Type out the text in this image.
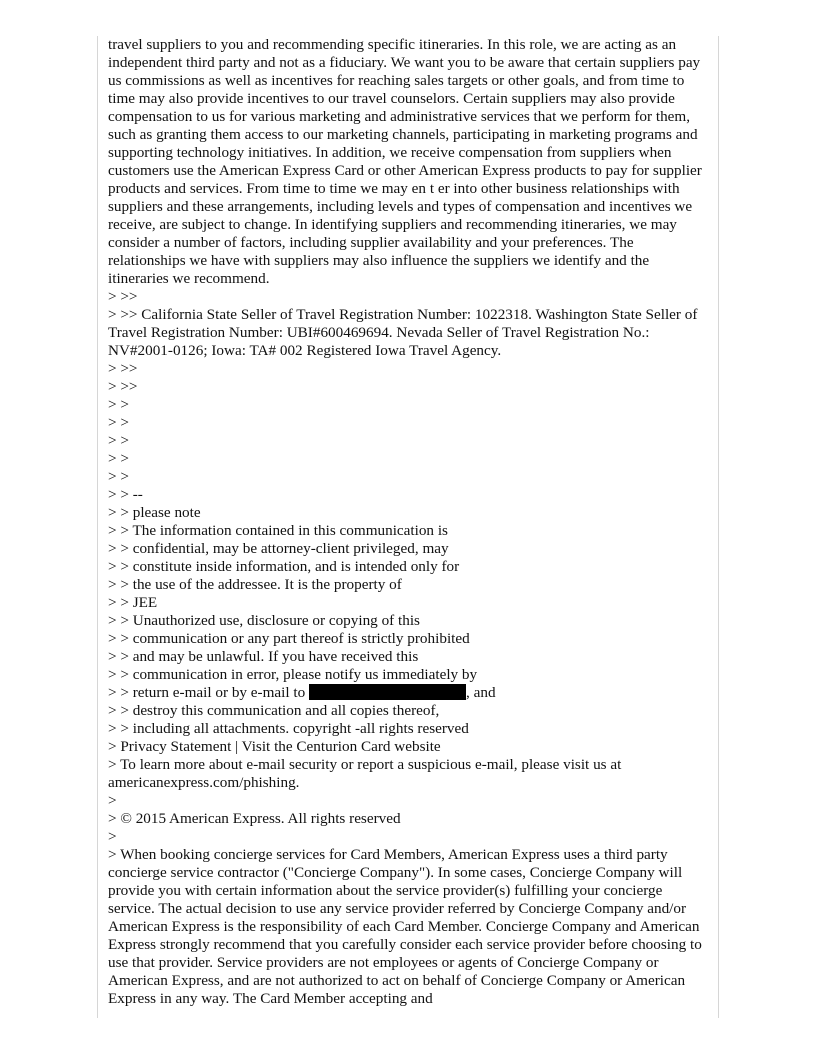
travel suppliers to you and recommending specific itineraries. In this role, we are acting as an independent third party and not as a fiduciary. We want you to be aware that certain suppliers pay us commissions as well as incentives for reaching sales targets or other goals, and from time to time may also provide incentives to our travel counselors. Certain suppliers may also provide compensation to us for various marketing and administrative services that we perform for them, such as granting them access to our marketing channels, participating in marketing programs and supporting technology initiatives. In addition, we receive compensation from suppliers when customers use the American Express Card or other American Express products to pay for supplier products and services. From time to time we may en t er into other business relationships with suppliers and these arrangements, including levels and types of compensation and incentives we receive, are subject to change. In identifying suppliers and recommending itineraries, we may consider a number of factors, including supplier availability and your preferences. The relationships we have with suppliers may also influence the suppliers we identify and the itineraries we recommend.

> >>

> >> California State Seller of Travel Registration Number: 1022318. Washington State Seller of Travel Registration Number: UBI#600469694. Nevada Seller of Travel Registration No.: NV#2001-0126; Iowa: TA# 002 Registered Iowa Travel Agency.

> >>

> >>

> >

> >

> >

> >

> >

> > --

> > please note

> > The information contained in this communication is

> > confidential, may be attorney-client privileged, may

> > constitute inside information, and is intended only for

> > the use of the addressee. It is the property of

> > JEE

> > Unauthorized use, disclosure or copying of this

> > communication or any part thereof is strictly prohibited

> > and may be unlawful. If you have received this

> > communication in error, please notify us immediately by

> > return e-mail or by e-mail to	, and

> > destroy this communication and all copies thereof,

> > including all attachments. copyright -all rights reserved

> Privacy Statement | Visit the Centurion Card website

> To learn more about e-mail security or report a suspicious e-mail, please visit us at americanexpress.com/phishing.

>

> © 2015 American Express. All rights reserved

>

> When booking concierge services for Card Members, American Express uses a third party concierge service contractor ("Concierge Company"). In some cases, Concierge Company will provide you with certain information about the service provider(s) fulfilling your concierge service. The actual decision to use any service provider referred by Concierge Company and/or American Express is the responsibility of each Card Member. Concierge Company and American Express strongly recommend that you carefully consider each service provider before choosing to use that provider. Service providers are not employees or agents of Concierge Company or American Express, and are not authorized to act on behalf of Concierge Company or American Express in any way. The Card Member accepting and
